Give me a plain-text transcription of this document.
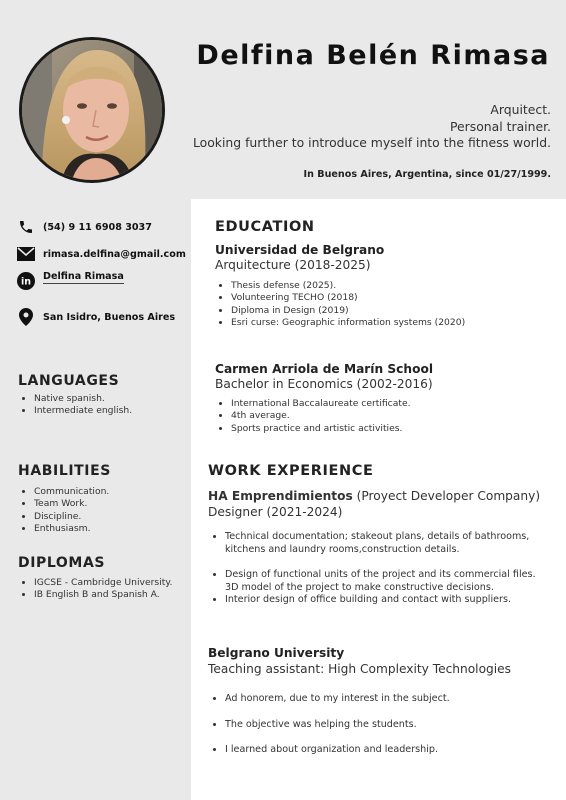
Delfina Belén Rimasa
Arquitect.
Personal trainer.
Looking further to introduce myself into the fitness world.
In Buenos Aires, Argentina, since 01/27/1999.
(54) 9 11 6908 3037
rimasa.delfina@gmail.com
in
Delfina Rimasa
San Isidro, Buenos Aires
LANGUAGES
• Native spanish.
• Intermediate english.
HABILITIES
• Communication.
• Team Work.
• Discipline.
• Enthusiasm.
DIPLOMAS
• IGCSE - Cambridge University.
• IB English B and Spanish A.
EDUCATION
Universidad de Belgrano
Arquitecture (2018-2025)
• Thesis defense (2025).
• Volunteering TECHO (2018)
• Diploma in Design (2019)
• Esri curse: Geographic information systems (2020)
Carmen Arriola de Marín School
Bachelor in Economics (2002-2016)
• International Baccalaureate certificate.
• 4th average.
• Sports practice and artistic activities.
WORK EXPERIENCE
HA Emprendimientos (Proyect Developer Company)
Designer (2021-2024)
• Technical documentation; stakeout plans, details of bathrooms, kitchens and laundry rooms,construction details.
• Design of functional units of the project and its commercial files. 3D model of the project to make constructive decisions.
• Interior design of office building and contact with suppliers.
Belgrano University
Teaching assistant: High Complexity Technologies
• Ad honorem, due to my interest in the subject.
• The objective was helping the students.
• I learned about organization and leadership.
